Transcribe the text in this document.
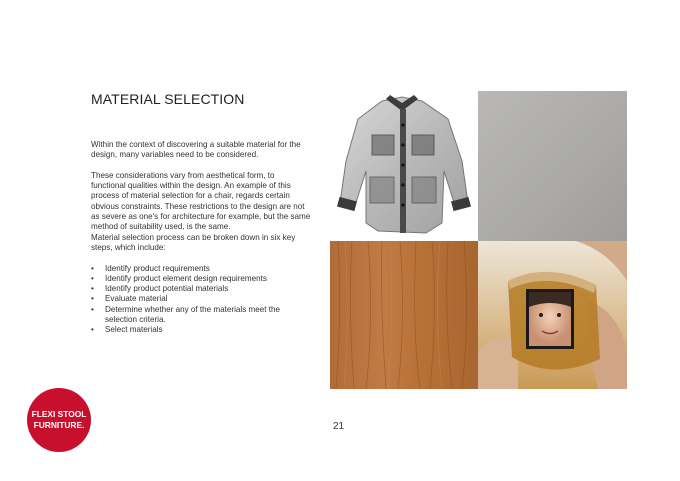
MATERIAL SELECTION

Within the context of discovering a suitable material for the design, many variables need to be considered.

These considerations vary from aesthetical form, to functional qualities within the design. An example of this process of material selection for a chair, regards certain obvious constraints. These restrictions to the design are not as severe as one's for architecture for example, but the same method of suitability used, is the same.

Material selection process can be broken down in six key steps, which include:

• Identify product requirements
• Identify product element design requirements
• Identify product potential materials
• Evaluate material
• Determine whether any of the materials meet the selection criteria.
• Select materials
FLEXI STOOL
FURNITURE.	21
